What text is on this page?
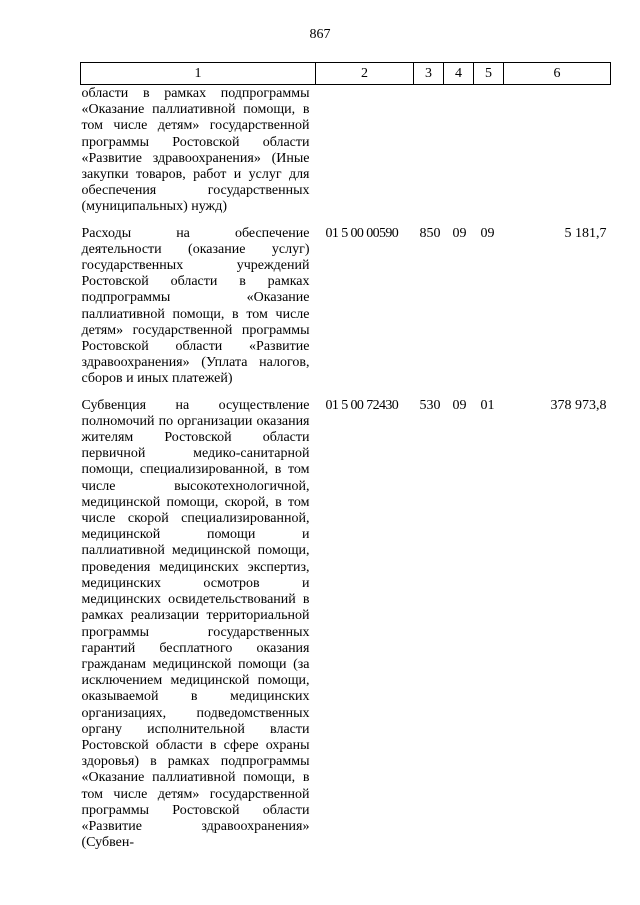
867
1	2	3	4	5	6
области в рамках подпрограммы «Оказание паллиативной помощи, в том числе детям» государственной программы Ростовской области «Развитие здравоохранения» (Иные закупки товаров, работ и услуг для обеспечения государственных (муниципальных) нужд)					

Расходы на обеспечение деятельности (оказание услуг) государственных учреждений Ростовской области в рамках подпрограммы «Оказание паллиативной помощи, в том числе детям» государственной программы Ростовской области «Развитие здравоохранения» (Уплата налогов, сборов и иных платежей)	01 5 00 00590	850	09	09	5 181,7

Субвенция на осуществление полномочий по организации оказания жителям Ростовской области первичной медико-санитарной помощи, специализированной, в том числе высокотехнологичной, медицинской помощи, скорой, в том числе скорой специализированной, медицинской помощи и паллиативной медицинской помощи, проведения медицинских экспертиз, медицинских осмотров и медицинских освидетельствований в рамках реализации территориальной программы государственных гарантий бесплатного оказания гражданам медицинской помощи (за исключением медицинской помощи, оказываемой в медицинских организациях, подведомственных органу исполнительной власти Ростовской области в сфере охраны здоровья) в рамках подпрограммы «Оказание паллиативной помощи, в том числе детям» государственной программы Ростовской области «Развитие здравоохранения» (Субвен-	01 5 00 72430	530	09	01	378 973,8
